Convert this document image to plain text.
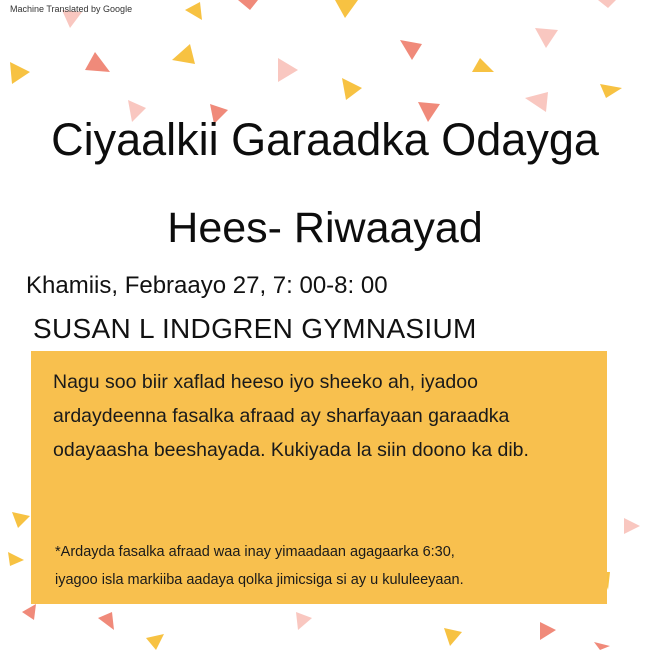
Machine Translated by Google
Ciyaalkii Garaadka Odayga
Hees- Riwaayad
Khamiis, Febraayo 27, 7: 00-8: 00
SUSAN L INDGREN GYMNASIUM
Nagu soo biir xaflad heeso iyo sheeko ah, iyadoo
ardaydeenna fasalka afraad ay sharfayaan garaadka
odayaasha beeshayada. Kukiyada la siin doono ka dib.
*Ardayda fasalka afraad waa inay yimaadaan agagaarka 6:30,
iyagoo isla markiiba aadaya qolka jimicsiga si ay u kululeeyaan.
